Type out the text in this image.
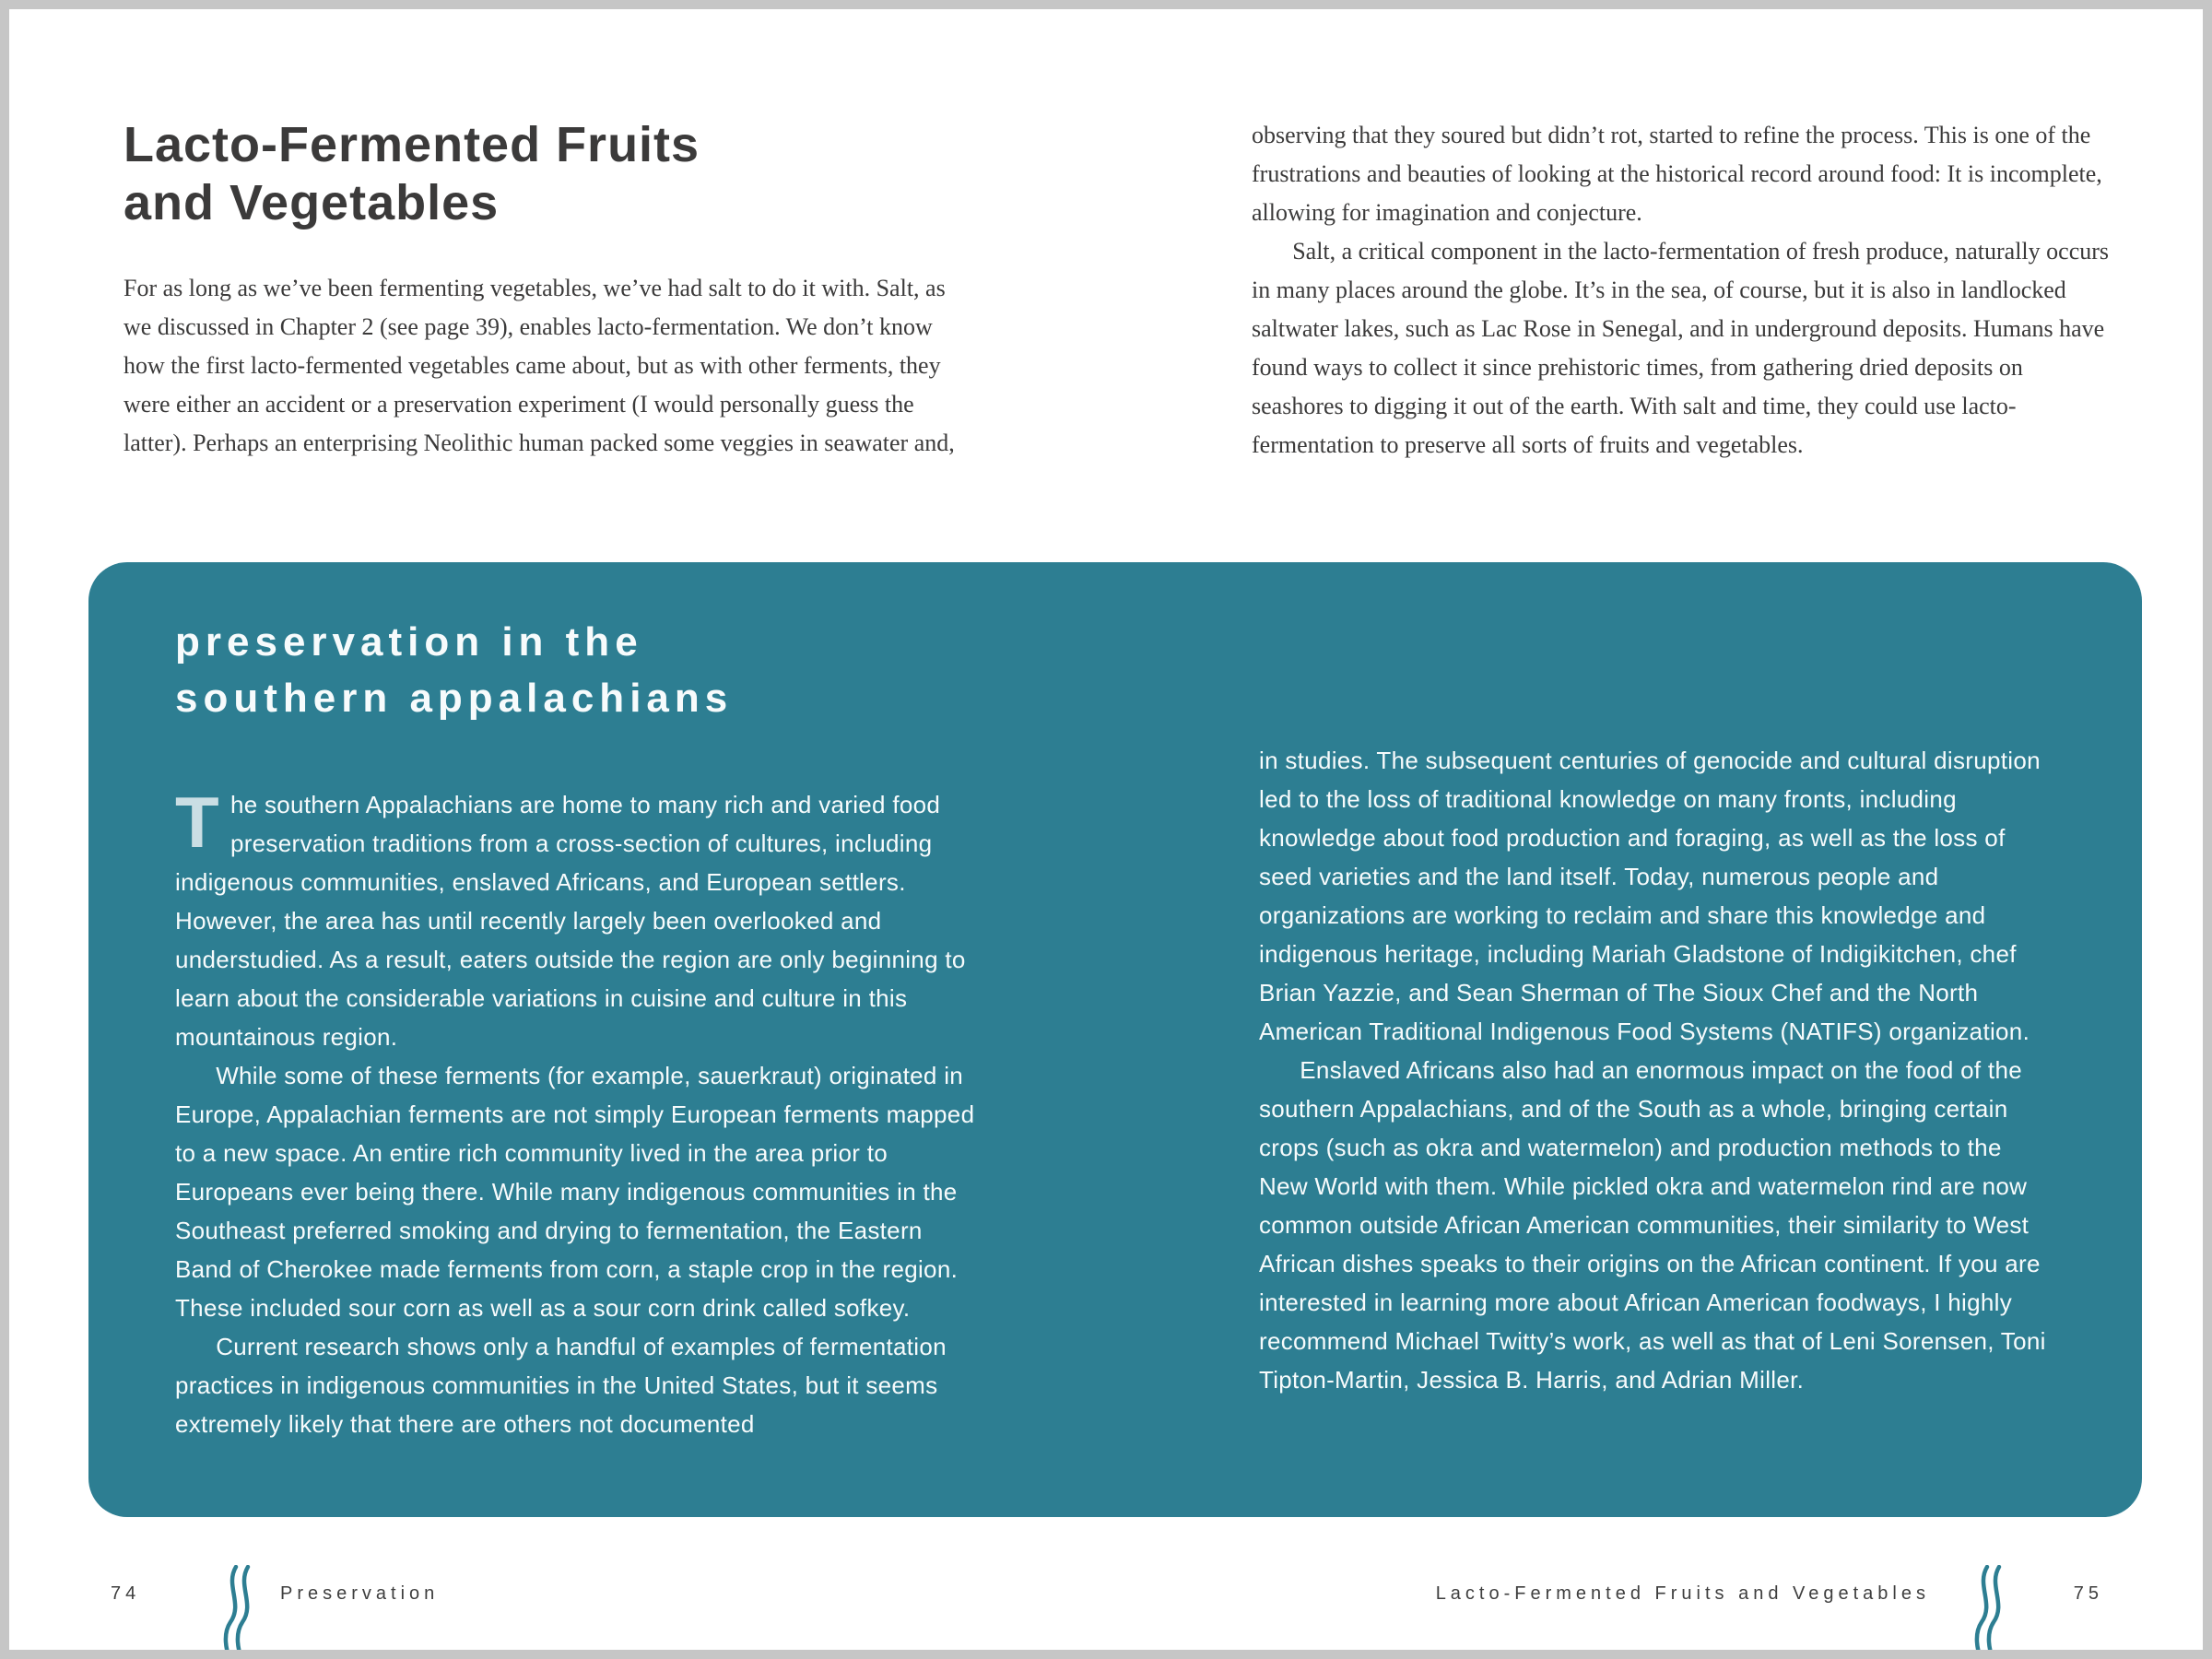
Lacto-Fermented Fruits
and Vegetables

For as long as we’ve been fermenting vegetables, we’ve had salt to do it with. Salt, as we discussed in Chapter 2 (see page 39), enables lacto-fermentation. We don’t know how the first lacto-fermented vegetables came about, but as with other ferments, they were either an accident or a preservation experiment (I would personally guess the latter). Perhaps an enterprising Neolithic human packed some veggies in seawater and,

observing that they soured but didn’t rot, started to refine the process. This is one of the frustrations and beauties of looking at the historical record around food: It is incomplete, allowing for imagination and conjecture.

Salt, a critical component in the lacto-fermentation of fresh produce, naturally occurs in many places around the globe. It’s in the sea, of course, but it is also in landlocked saltwater lakes, such as Lac Rose in Senegal, and in underground deposits. Humans have found ways to collect it since prehistoric times, from gathering dried deposits on seashores to digging it out of the earth. With salt and time, they could use lacto-fermentation to preserve all sorts of fruits and vegetables.

preservation in the
southern appalachians

The southern Appalachians are home to many rich and varied food preservation traditions from a cross-section of cultures, including indigenous communities, enslaved Africans, and European settlers. However, the area has until recently largely been overlooked and understudied. As a result, eaters outside the region are only beginning to learn about the considerable variations in cuisine and culture in this mountainous region.

While some of these ferments (for example, sauerkraut) originated in Europe, Appalachian ferments are not simply European ferments mapped to a new space. An entire rich community lived in the area prior to Europeans ever being there. While many indigenous communities in the Southeast preferred smoking and drying to fermentation, the Eastern Band of Cherokee made ferments from corn, a staple crop in the region. These included sour corn as well as a sour corn drink called sofkey.

Current research shows only a handful of examples of fermentation practices in indigenous communities in the United States, but it seems extremely likely that there are others not documented

in studies. The subsequent centuries of genocide and cultural disruption led to the loss of traditional knowledge on many fronts, including knowledge about food production and foraging, as well as the loss of seed varieties and the land itself. Today, numerous people and organizations are working to reclaim and share this knowledge and indigenous heritage, including Mariah Gladstone of Indigikitchen, chef Brian Yazzie, and Sean Sherman of The Sioux Chef and the North American Traditional Indigenous Food Systems (NATIFS) organization.

Enslaved Africans also had an enormous impact on the food of the southern Appalachians, and of the South as a whole, bringing certain crops (such as okra and watermelon) and production methods to the New World with them. While pickled okra and watermelon rind are now common outside African American communities, their similarity to West African dishes speaks to their origins on the African continent. If you are interested in learning more about African American foodways, I highly recommend Michael Twitty’s work, as well as that of Leni Sorensen, Toni Tipton-Martin, Jessica B. Harris, and Adrian Miller.

74	Preservation	Lacto-Fermented Fruits and Vegetables	75
